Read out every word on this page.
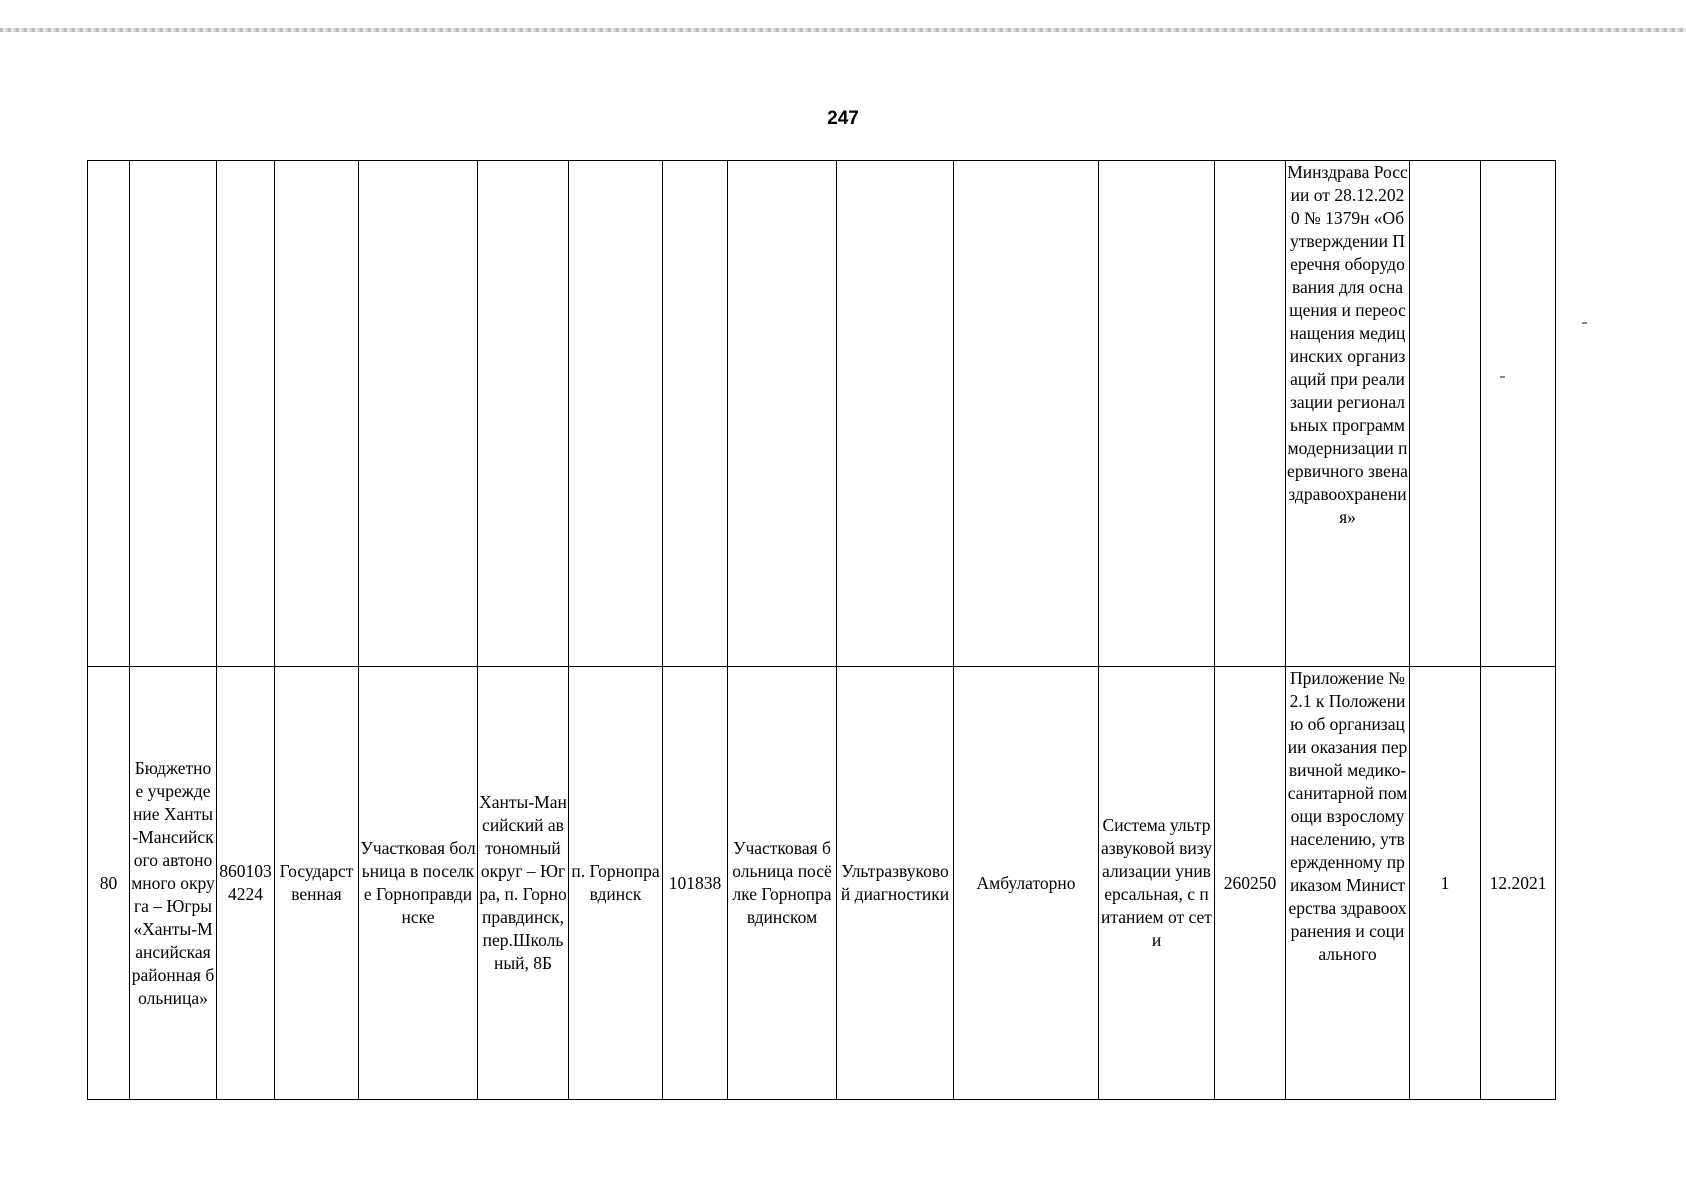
247
													Минздрава России от 28.12.2020 № 1379н «Об утверждении Перечня оборудования для оснащения и переоснащения медицинских организаций при реализации региональных программ модернизации первичного звена здравоохранения»		
80	Бюджетное учреждение Ханты-Мансийского автономного округа – Югры «Ханты-Мансийская районная больница»	8601034224	Государственная	Участковая больница в поселке Горноправдинске	Ханты-Мансийский автономный округ – Югра, п. Горноправдинск, пер.Школьный, 8Б	п. Горноправдинск	101838	Участковая больница посёлке Горноправдинском	Ультразвуковой диагностики	Амбулаторно	Система ультразвуковой визуализации универсальная, с питанием от сети	260250	Приложение № 2.1 к Положению об организации оказания первичной медико-санитарной помощи взрослому населению, утвержденному приказом Министерства здравоохранения и социального	1	12.2021
